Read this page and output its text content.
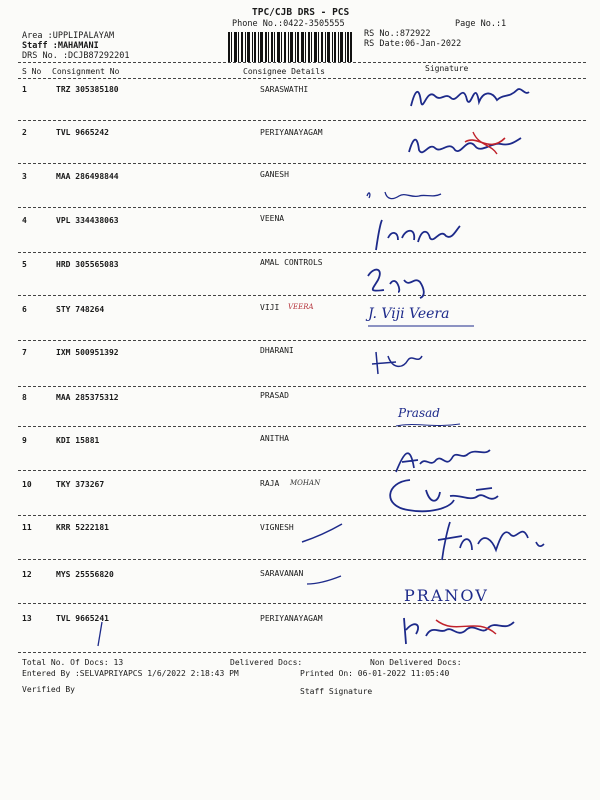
TPC/CJB DRS - PCS
Phone No.:0422-3505555	Page No.:1
Area :UPPLIPALAYAM
Staff :MAHAMANI
DRS No. :DCJB87292201
RS No.:872922
RS Date:06-Jan-2022
S No Consignment No	Consignee Details	Signature
1	TRZ 305385180	SARASWATHI
2	TVL 9665242	PERIYANAYAGAM
3	MAA 286498844	GANESH
4	VPL 334438063	VEENA
5	HRD 305565083	AMAL CONTROLS
6	STY 748264	VIJI VEERA
7	IXM 500951392	DHARANI
8	MAA 285375312	PRASAD
9	KDI 15881	ANITHA
10	TKY 373267	RAJA MOHAN
11	KRR 5222181	VIGNESH
12	MYS 25556820	SARAVANAN
13	TVL 9665241	PERIYANAYAGAM
J. Viji Veera
Prasad
PRANOV
Total No. Of Docs: 13	Delivered Docs:	Non Delivered Docs:
Entered By :SELVAPRIYAPCS 1/6/2022 2:18:43 PM	Printed On: 06-01-2022 11:05:40
Verified By	Staff Signature
